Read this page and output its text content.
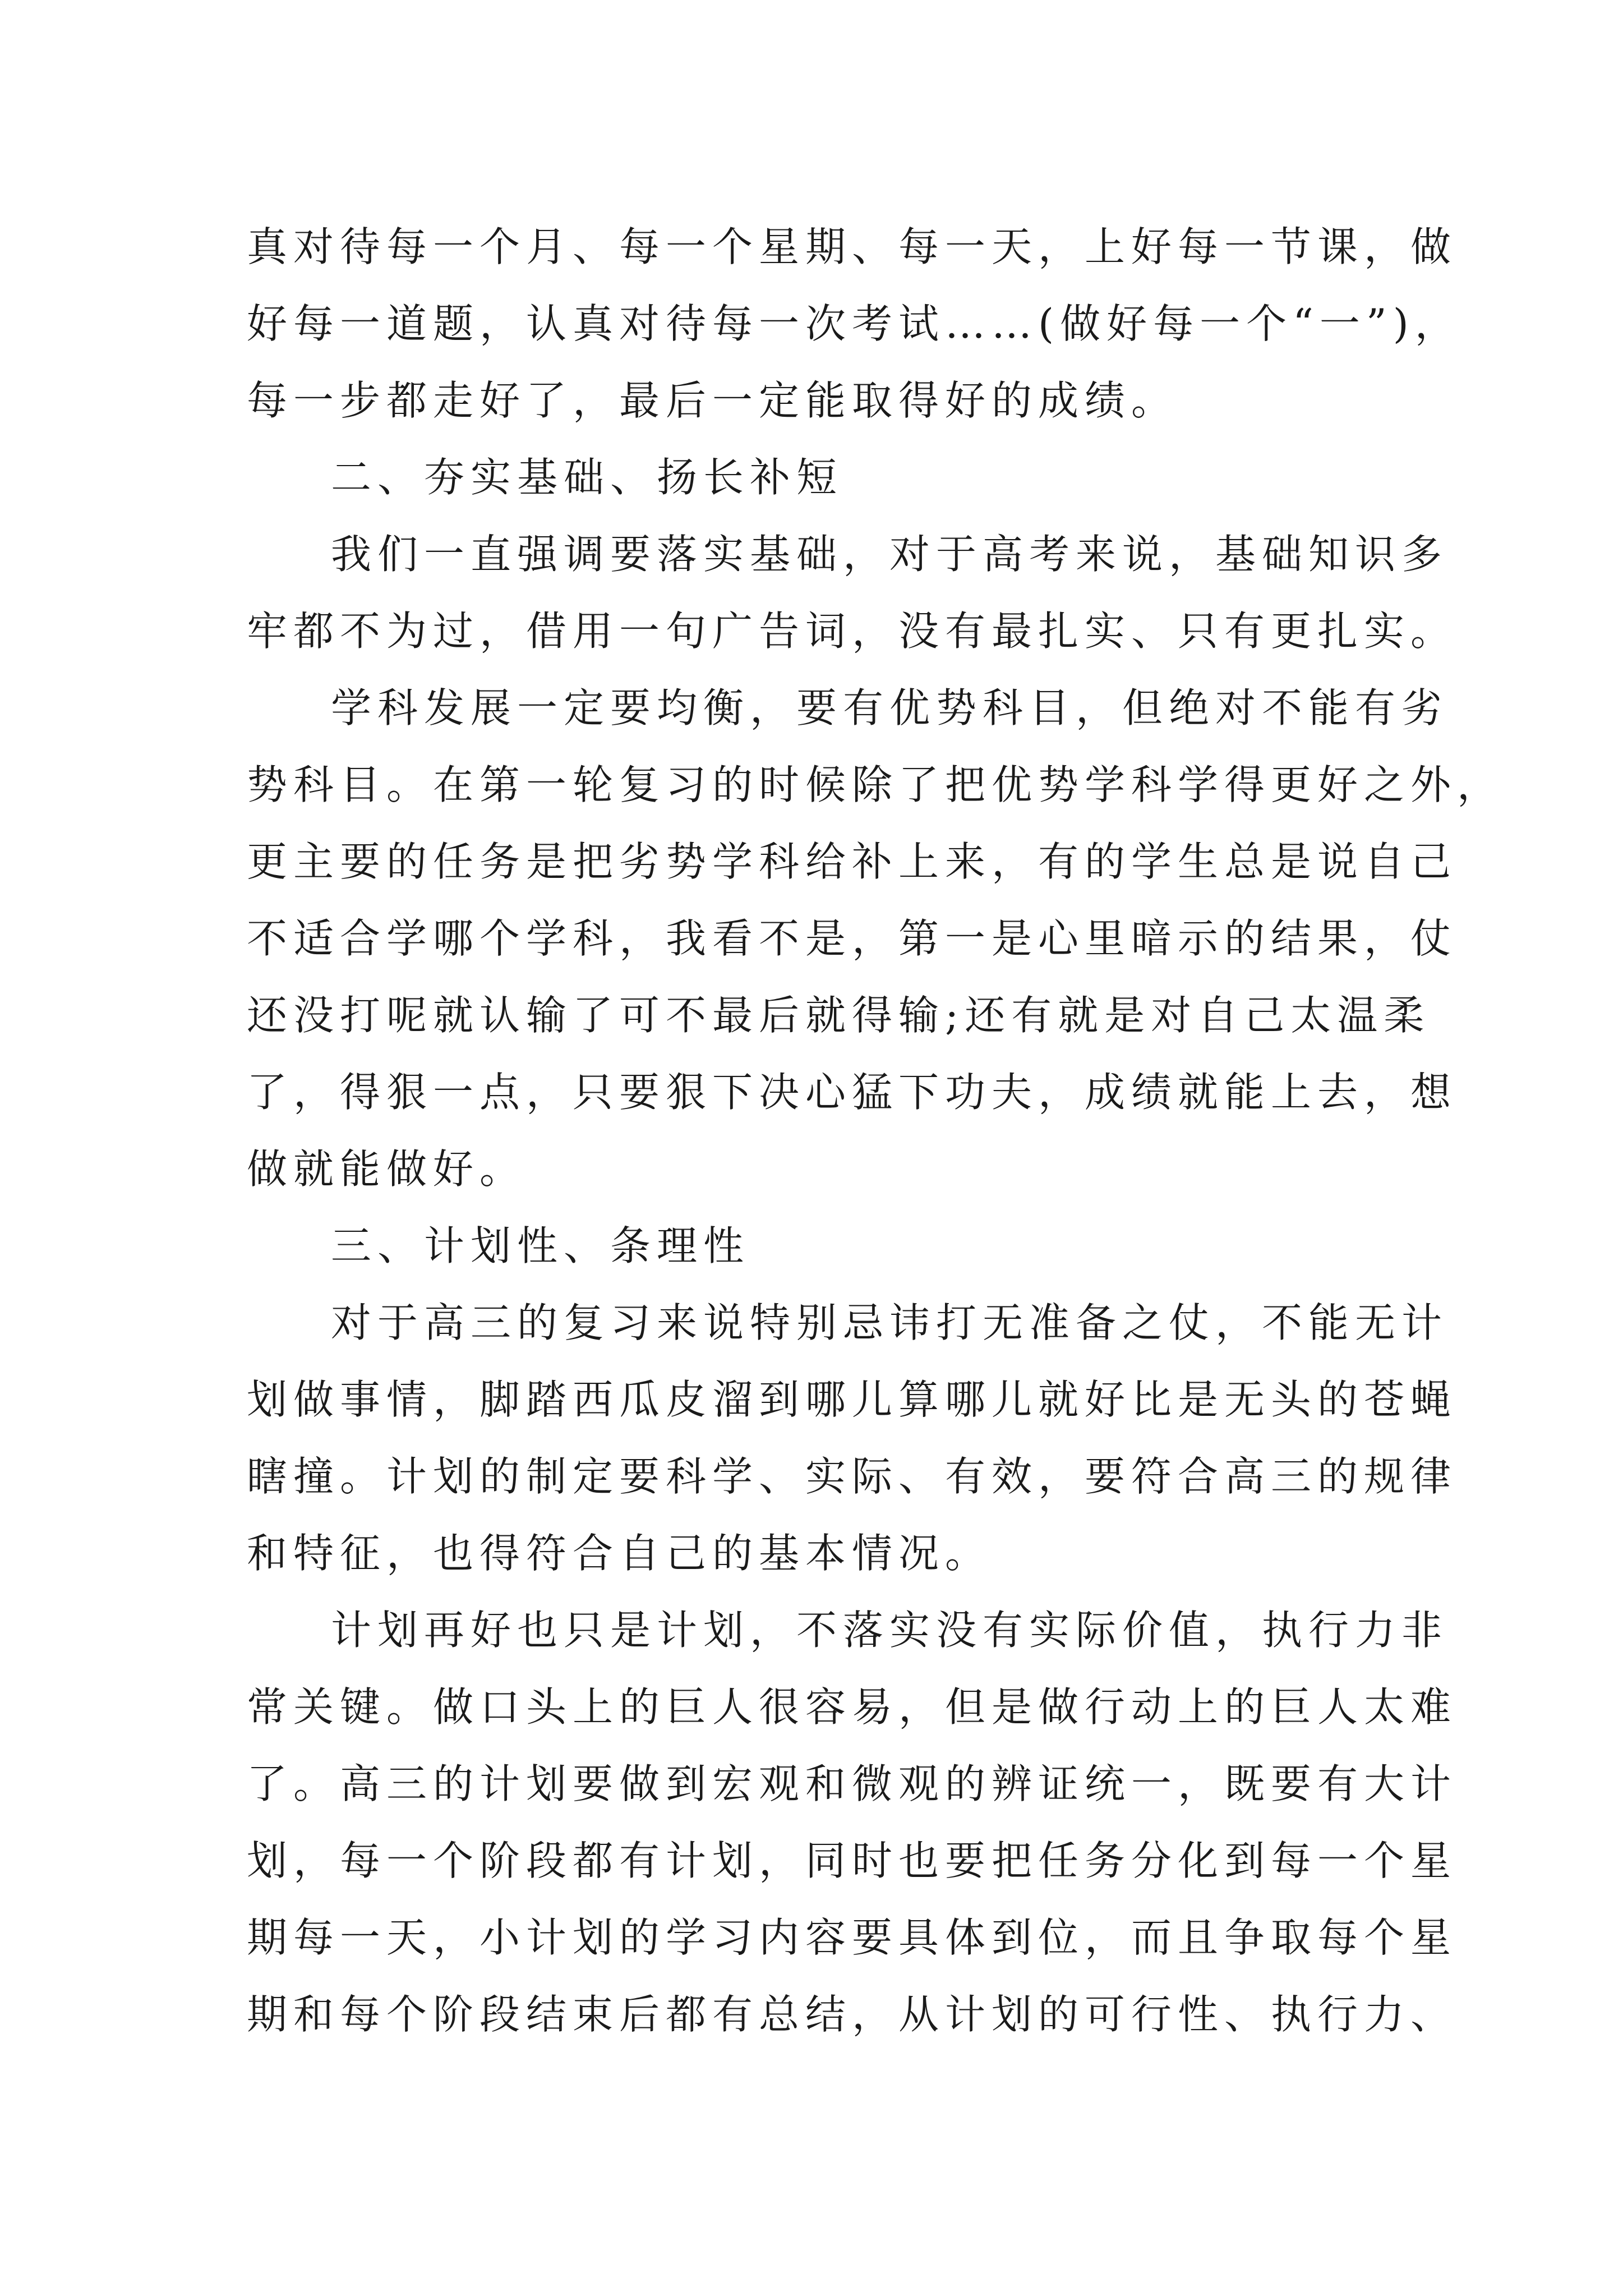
真对待每一个月、每一个星期、每一天，上好每一节课，做
好每一道题，认真对待每一次考试……(做好每一个“一”)，
每一步都走好了，最后一定能取得好的成绩。
二、夯实基础、扬长补短
我们一直强调要落实基础，对于高考来说，基础知识多
牢都不为过，借用一句广告词，没有最扎实、只有更扎实。
学科发展一定要均衡，要有优势科目，但绝对不能有劣
势科目。在第一轮复习的时候除了把优势学科学得更好之外，
更主要的任务是把劣势学科给补上来，有的学生总是说自己
不适合学哪个学科，我看不是，第一是心里暗示的结果，仗
还没打呢就认输了可不最后就得输;还有就是对自己太温柔
了，得狠一点，只要狠下决心猛下功夫，成绩就能上去，想
做就能做好。
三、计划性、条理性
对于高三的复习来说特别忌讳打无准备之仗，不能无计
划做事情，脚踏西瓜皮溜到哪儿算哪儿就好比是无头的苍蝇
瞎撞。计划的制定要科学、实际、有效，要符合高三的规律
和特征，也得符合自己的基本情况。
计划再好也只是计划，不落实没有实际价值，执行力非
常关键。做口头上的巨人很容易，但是做行动上的巨人太难
了。高三的计划要做到宏观和微观的辨证统一，既要有大计
划，每一个阶段都有计划，同时也要把任务分化到每一个星
期每一天，小计划的学习内容要具体到位，而且争取每个星
期和每个阶段结束后都有总结，从计划的可行性、执行力、
